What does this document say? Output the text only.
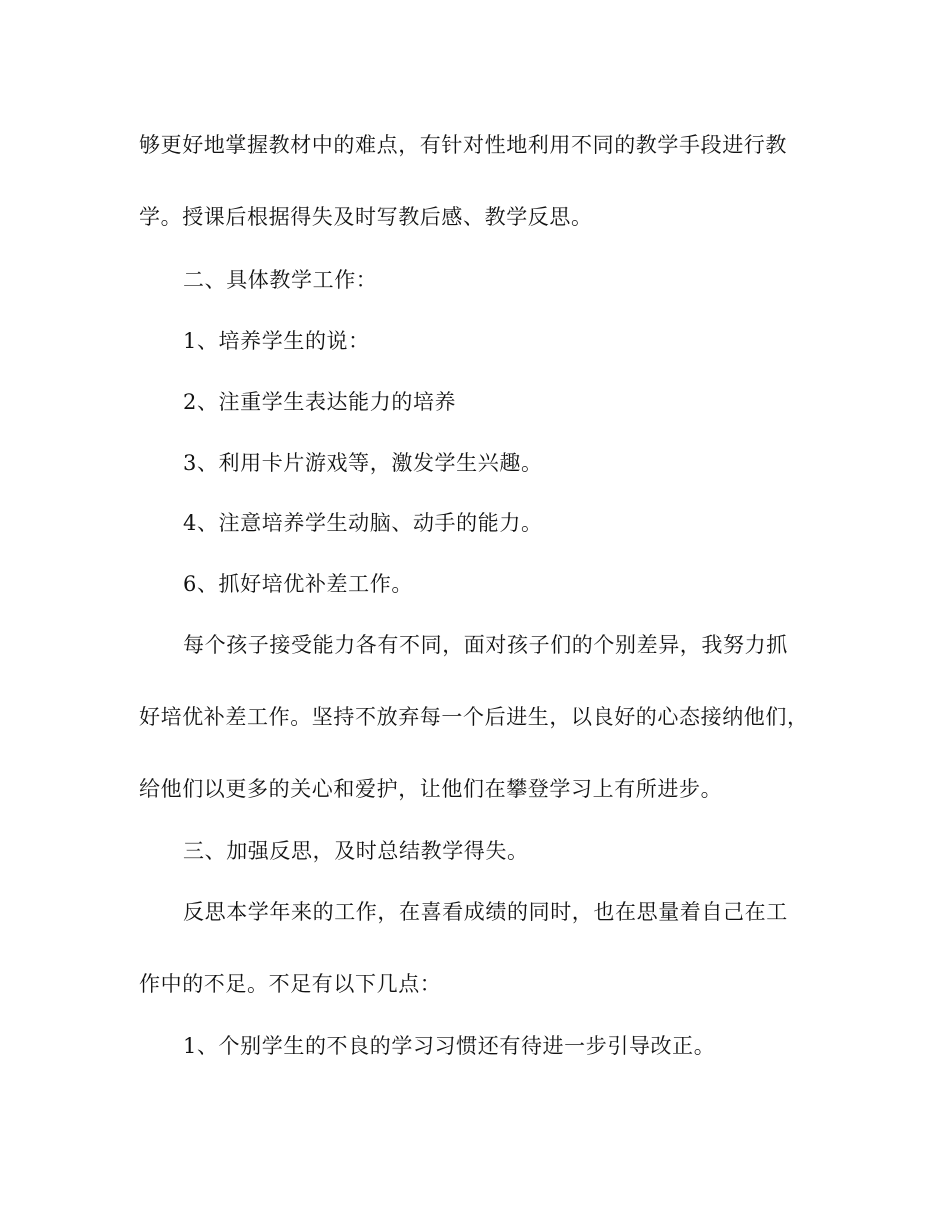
够更好地掌握教材中的难点，有针对性地利用不同的教学手段进行教
学。授课后根据得失及时写教后感、教学反思。
二、具体教学工作：
1、培养学生的说：
2、注重学生表达能力的培养
3、利用卡片游戏等，激发学生兴趣。
4、注意培养学生动脑、动手的能力。
6、抓好培优补差工作。
每个孩子接受能力各有不同，面对孩子们的个别差异，我努力抓
好培优补差工作。坚持不放弃每一个后进生，以良好的心态接纳他们，
给他们以更多的关心和爱护，让他们在攀登学习上有所进步。
三、加强反思，及时总结教学得失。
反思本学年来的工作，在喜看成绩的同时，也在思量着自己在工
作中的不足。不足有以下几点：
1、个别学生的不良的学习习惯还有待进一步引导改正。
